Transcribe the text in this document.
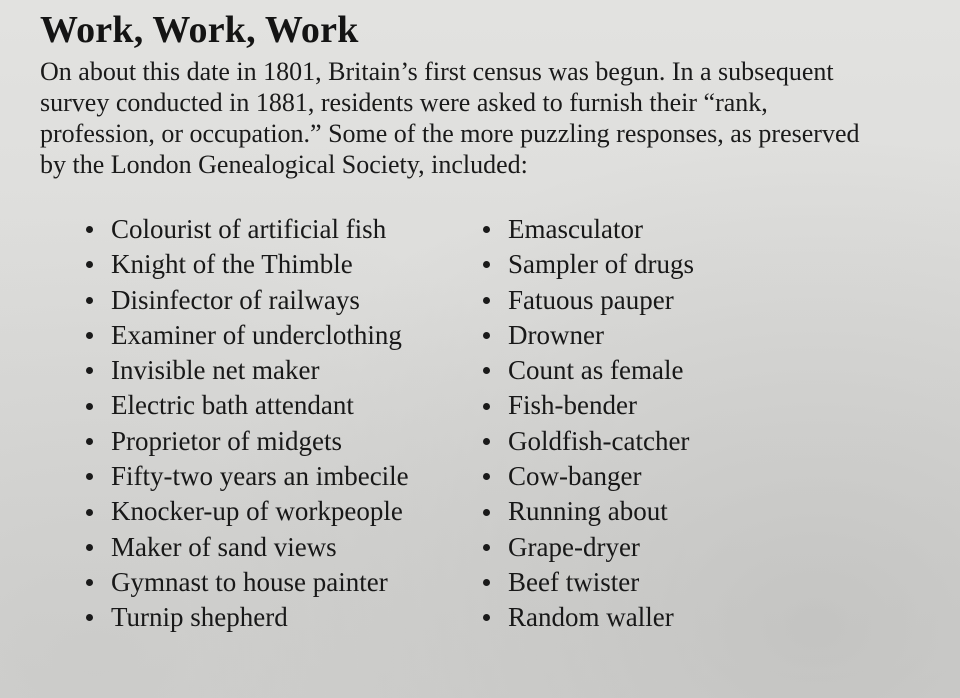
Work, Work, Work
On about this date in 1801, Britain’s first census was begun. In a subsequent
survey conducted in 1881, residents were asked to furnish their “rank,
profession, or occupation.” Some of the more puzzling responses, as preserved
by the London Genealogical Society, included:
Colourist of artificial fish
Knight of the Thimble
Disinfector of railways
Examiner of underclothing
Invisible net maker
Electric bath attendant
Proprietor of midgets
Fifty-two years an imbecile
Knocker-up of workpeople
Maker of sand views
Gymnast to house painter
Turnip shepherd
Emasculator
Sampler of drugs
Fatuous pauper
Drowner
Count as female
Fish-bender
Goldfish-catcher
Cow-banger
Running about
Grape-dryer
Beef twister
Random waller
